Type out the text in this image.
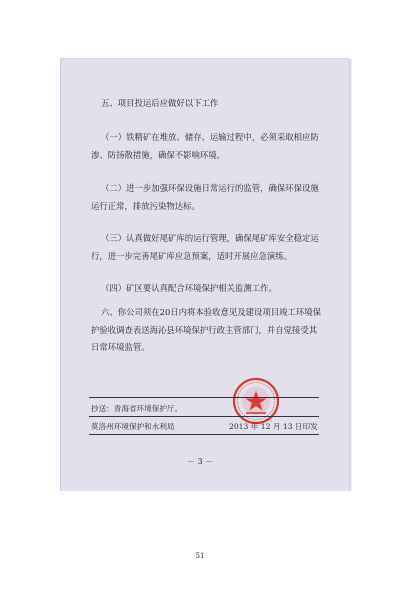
五、项目投运后应做好以下工作

（一）铁精矿在堆放、储存、运输过程中，必须采取相应防渗、防扬散措施，确保不影响环境。

（二）进一步加强环保设施日常运行的监管，确保环保设施运行正常，排放污染物达标。

（三）认真做好尾矿库的运行管理，确保尾矿库安全稳定运行，进一步完善尾矿库应急预案，适时开展应急演练。

（四）矿区要认真配合环境保护相关监测工作。

六、你公司须在20日内将本验收意见及建设项目竣工环境保护验收调查表送海沁县环境保护行政主管部门，并自觉接受其日常环境监管。

抄送：青海省环境保护厅。
莫洛州环境保护和水利局	2013 年 12 月 13 日印发
－ 3 －
51
